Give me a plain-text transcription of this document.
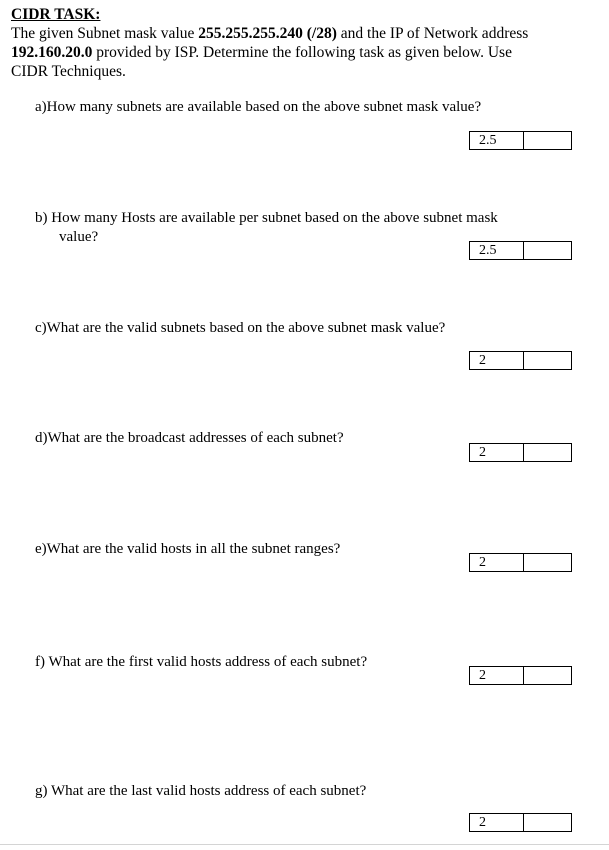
CIDR TASK:
The given Subnet mask value 255.255.255.240 (/28) and the IP of Network address
192.160.20.0 provided by ISP. Determine the following task as given below. Use
CIDR Techniques.
a)How many subnets are available based on the above subnet mask value?
2.5
b) How many Hosts are available per subnet based on the above subnet mask
value?
2.5
c)What are the valid subnets based on the above subnet mask value?
2
d)What are the broadcast addresses of each subnet?
2
e)What are the valid hosts in all the subnet ranges?
2
f) What are the first valid hosts address of each subnet?
2
g) What are the last valid hosts address of each subnet?
2
